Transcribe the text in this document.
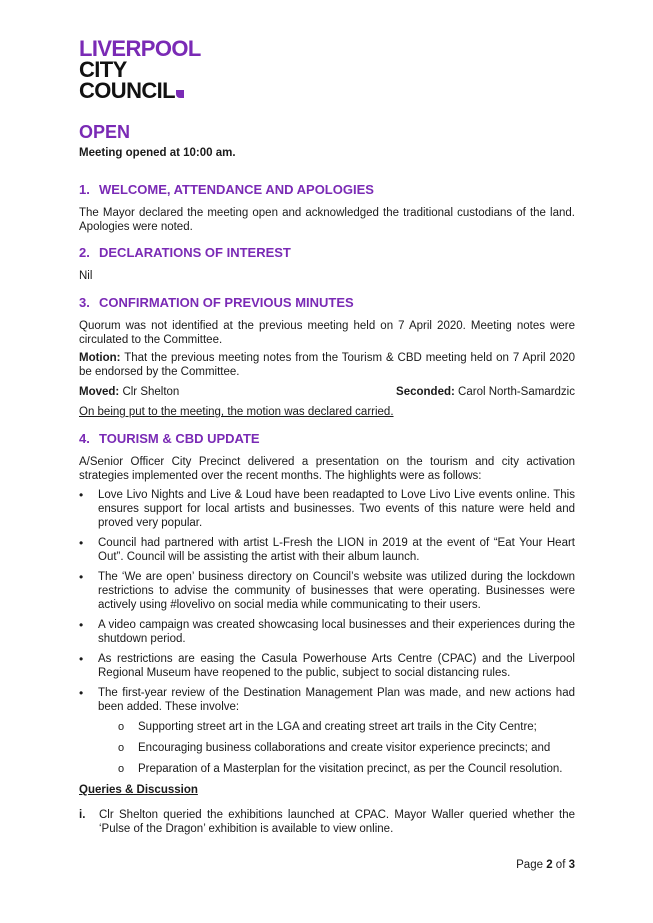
LIVERPOOL
CITY
COUNCIL
OPEN

Meeting opened at 10:00 am.

1. WELCOME, ATTENDANCE AND APOLOGIES

The Mayor declared the meeting open and acknowledged the traditional custodians of the land. Apologies were noted.

2. DECLARATIONS OF INTEREST

Nil

3. CONFIRMATION OF PREVIOUS MINUTES

Quorum was not identified at the previous meeting held on 7 April 2020. Meeting notes were circulated to the Committee.

Motion: That the previous meeting notes from the Tourism & CBD meeting held on 7 April 2020 be endorsed by the Committee.

Moved: Clr Shelton	Seconded: Carol North-Samardzic

On being put to the meeting, the motion was declared carried.

4. TOURISM & CBD UPDATE

A/Senior Officer City Precinct delivered a presentation on the tourism and city activation strategies implemented over the recent months. The highlights were as follows:

• Love Livo Nights and Live & Loud have been readapted to Love Livo Live events online. This ensures support for local artists and businesses. Two events of this nature were held and proved very popular.
• Council had partnered with artist L-Fresh the LION in 2019 at the event of “Eat Your Heart Out”. Council will be assisting the artist with their album launch.
• The ‘We are open’ business directory on Council’s website was utilized during the lockdown restrictions to advise the community of businesses that were operating. Businesses were actively using #lovelivo on social media while communicating to their users.
• A video campaign was created showcasing local businesses and their experiences during the shutdown period.
• As restrictions are easing the Casula Powerhouse Arts Centre (CPAC) and the Liverpool Regional Museum have reopened to the public, subject to social distancing rules.
• The first-year review of the Destination Management Plan was made, and new actions had been added. These involve:
o Supporting street art in the LGA and creating street art trails in the City Centre;
o Encouraging business collaborations and create visitor experience precincts; and
o Preparation of a Masterplan for the visitation precinct, as per the Council resolution.

Queries & Discussion

i.	Clr Shelton queried the exhibitions launched at CPAC. Mayor Waller queried whether the ‘Pulse of the Dragon’ exhibition is available to view online.

Page 2 of 3
